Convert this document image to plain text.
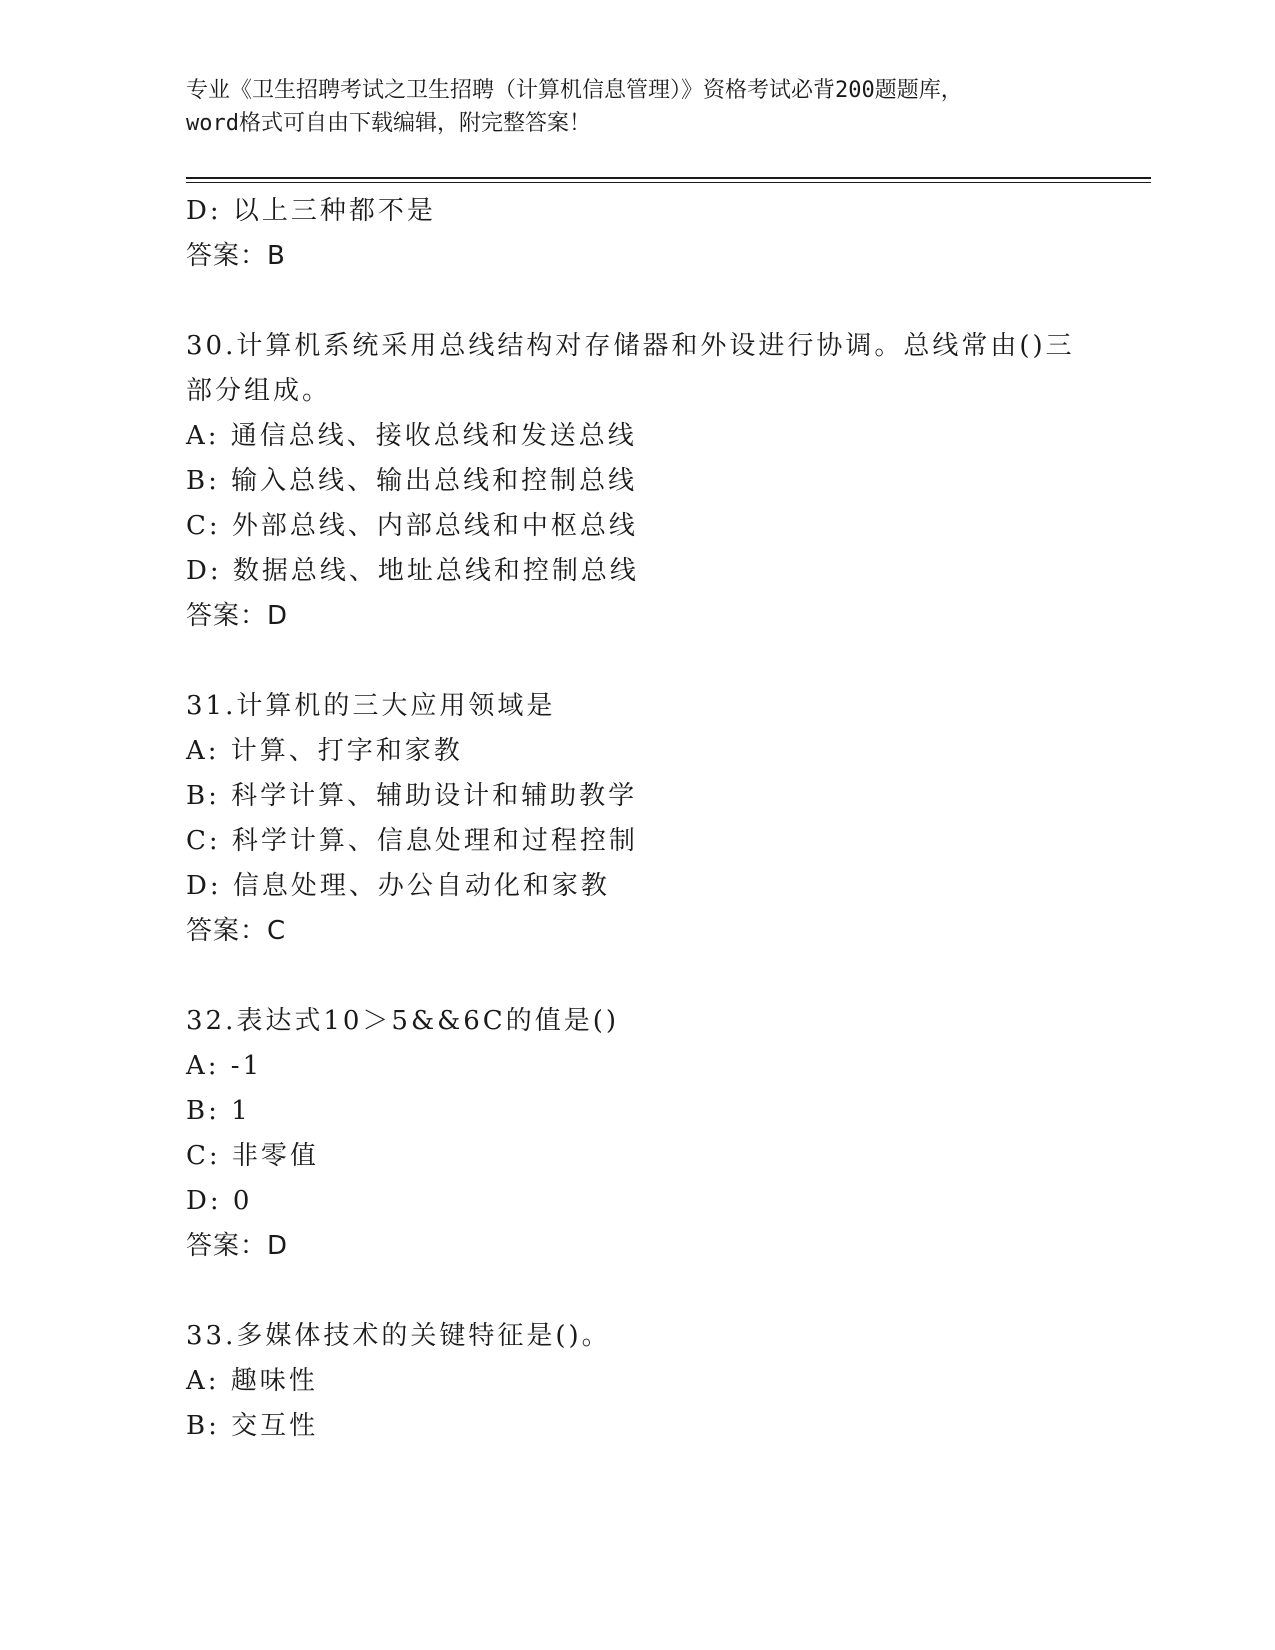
专业《卫生招聘考试之卫生招聘（计算机信息管理）》资格考试必背200题题库，
word格式可自由下载编辑，附完整答案！
D: 以上三种都不是
答案：B
30.计算机系统采用总线结构对存储器和外设进行协调。总线常由()三
部分组成。
A: 通信总线、接收总线和发送总线
B: 输入总线、输出总线和控制总线
C: 外部总线、内部总线和中枢总线
D: 数据总线、地址总线和控制总线
答案：D
31.计算机的三大应用领域是
A: 计算、打字和家教
B: 科学计算、辅助设计和辅助教学
C: 科学计算、信息处理和过程控制
D: 信息处理、办公自动化和家教
答案：C
32.表达式10＞5&&6C的值是()
A: -1
B: 1
C: 非零值
D: 0
答案：D
33.多媒体技术的关键特征是()。
A: 趣味性
B: 交互性
